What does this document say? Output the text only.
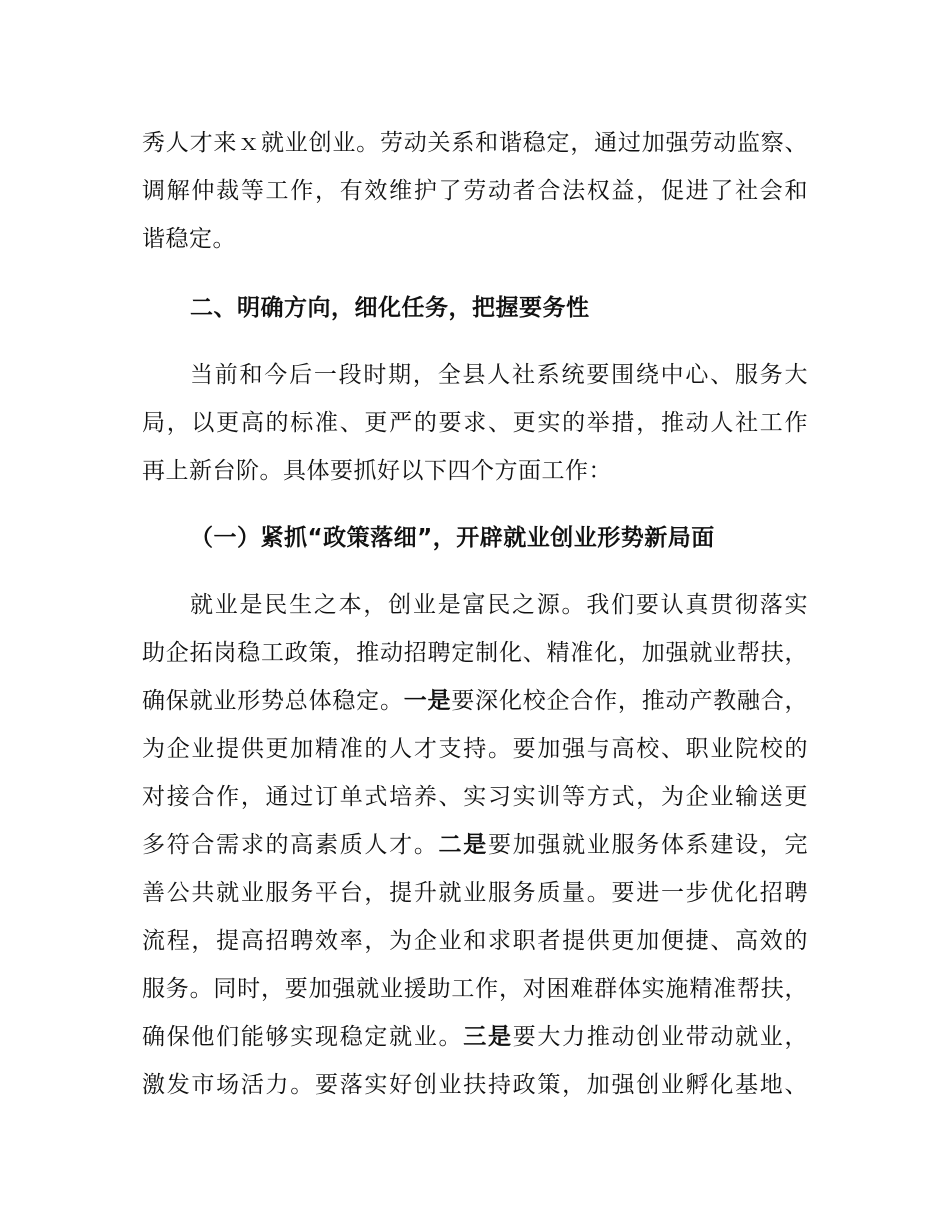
秀人才来ｘ就业创业。劳动关系和谐稳定，通过加强劳动监察、
调解仲裁等工作，有效维护了劳动者合法权益，促进了社会和
谐稳定。
二、明确方向，细化任务，把握要务性
当前和今后一段时期，全县人社系统要围绕中心、服务大
局，以更高的标准、更严的要求、更实的举措，推动人社工作
再上新台阶。具体要抓好以下四个方面工作：
（一）紧抓“政策落细”，开辟就业创业形势新局面
就业是民生之本，创业是富民之源。我们要认真贯彻落实
助企拓岗稳工政策，推动招聘定制化、精准化，加强就业帮扶，
确保就业形势总体稳定。一是要深化校企合作，推动产教融合，
为企业提供更加精准的人才支持。要加强与高校、职业院校的
对接合作，通过订单式培养、实习实训等方式，为企业输送更
多符合需求的高素质人才。二是要加强就业服务体系建设，完
善公共就业服务平台，提升就业服务质量。要进一步优化招聘
流程，提高招聘效率，为企业和求职者提供更加便捷、高效的
服务。同时，要加强就业援助工作，对困难群体实施精准帮扶，
确保他们能够实现稳定就业。三是要大力推动创业带动就业，
激发市场活力。要落实好创业扶持政策，加强创业孵化基地、
